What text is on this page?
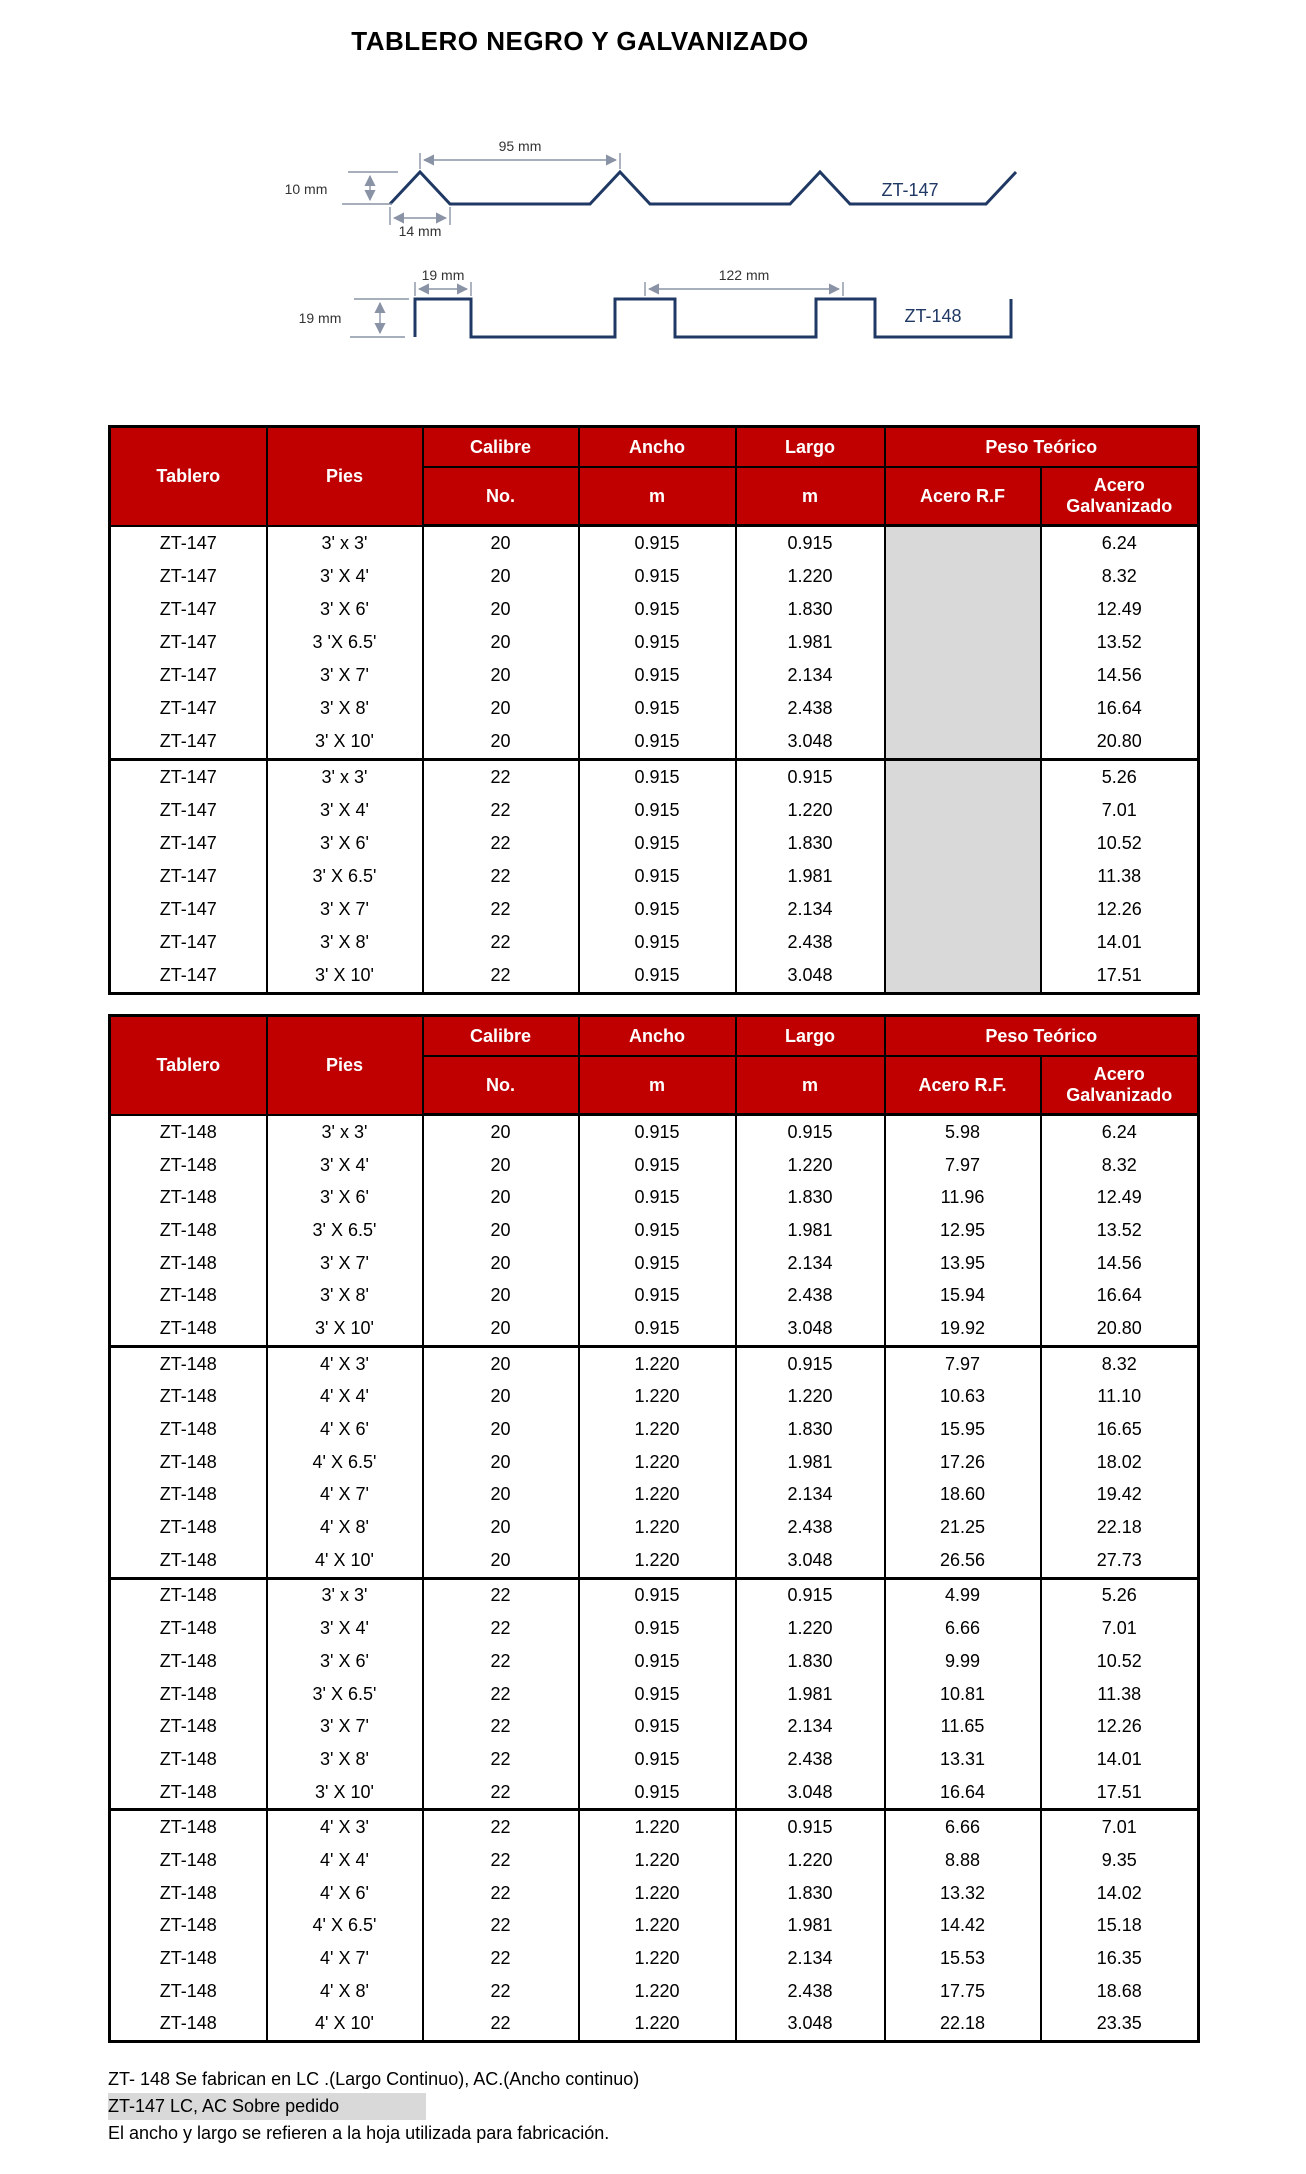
TABLERO NEGRO Y GALVANIZADO
95 mm
10 mm
14 mm
ZT-147
19 mm	122 mm
19 mm	ZT-148
Tablero	Pies	Calibre	Ancho	Largo	Peso Teórico	
		No.	m	m	Acero R.F	Acero Galvanizado
ZT-147	3' x 3'	20	0.915	0.915		6.24
ZT-147	3' X 4'	20	0.915	1.220		8.32
ZT-147	3' X 6'	20	0.915	1.830		12.49
ZT-147	3 'X 6.5'	20	0.915	1.981		13.52
ZT-147	3' X 7'	20	0.915	2.134		14.56
ZT-147	3' X 8'	20	0.915	2.438		16.64
ZT-147	3' X 10'	20	0.915	3.048		20.80
ZT-147	3' x 3'	22	0.915	0.915		5.26
ZT-147	3' X 4'	22	0.915	1.220		7.01
ZT-147	3' X 6'	22	0.915	1.830		10.52
ZT-147	3' X 6.5'	22	0.915	1.981		11.38
ZT-147	3' X 7'	22	0.915	2.134		12.26
ZT-147	3' X 8'	22	0.915	2.438		14.01
ZT-147	3' X 10'	22	0.915	3.048		17.51
Tablero	Pies	Calibre	Ancho	Largo	Peso Teórico	
		No.	m	m	Acero R.F.	Acero Galvanizado
ZT-148	3' x 3'	20	0.915	0.915	5.98	6.24
ZT-148	3' X 4'	20	0.915	1.220	7.97	8.32
ZT-148	3' X 6'	20	0.915	1.830	11.96	12.49
ZT-148	3' X 6.5'	20	0.915	1.981	12.95	13.52
ZT-148	3' X 7'	20	0.915	2.134	13.95	14.56
ZT-148	3' X 8'	20	0.915	2.438	15.94	16.64
ZT-148	3' X 10'	20	0.915	3.048	19.92	20.80
ZT-148	4' X 3'	20	1.220	0.915	7.97	8.32
ZT-148	4' X 4'	20	1.220	1.220	10.63	11.10
ZT-148	4' X 6'	20	1.220	1.830	15.95	16.65
ZT-148	4' X 6.5'	20	1.220	1.981	17.26	18.02
ZT-148	4' X 7'	20	1.220	2.134	18.60	19.42
ZT-148	4' X 8'	20	1.220	2.438	21.25	22.18
ZT-148	4' X 10'	20	1.220	3.048	26.56	27.73
ZT-148	3' x 3'	22	0.915	0.915	4.99	5.26
ZT-148	3' X 4'	22	0.915	1.220	6.66	7.01
ZT-148	3' X 6'	22	0.915	1.830	9.99	10.52
ZT-148	3' X 6.5'	22	0.915	1.981	10.81	11.38
ZT-148	3' X 7'	22	0.915	2.134	11.65	12.26
ZT-148	3' X 8'	22	0.915	2.438	13.31	14.01
ZT-148	3' X 10'	22	0.915	3.048	16.64	17.51
ZT-148	4' X 3'	22	1.220	0.915	6.66	7.01
ZT-148	4' X 4'	22	1.220	1.220	8.88	9.35
ZT-148	4' X 6'	22	1.220	1.830	13.32	14.02
ZT-148	4' X 6.5'	22	1.220	1.981	14.42	15.18
ZT-148	4' X 7'	22	1.220	2.134	15.53	16.35
ZT-148	4' X 8'	22	1.220	2.438	17.75	18.68
ZT-148	4' X 10'	22	1.220	3.048	22.18	23.35

ZT- 148 Se fabrican en LC .(Largo Continuo), AC.(Ancho continuo)

ZT-147 LC, AC Sobre pedido

El ancho y largo se refieren a la hoja utilizada para fabricación.
